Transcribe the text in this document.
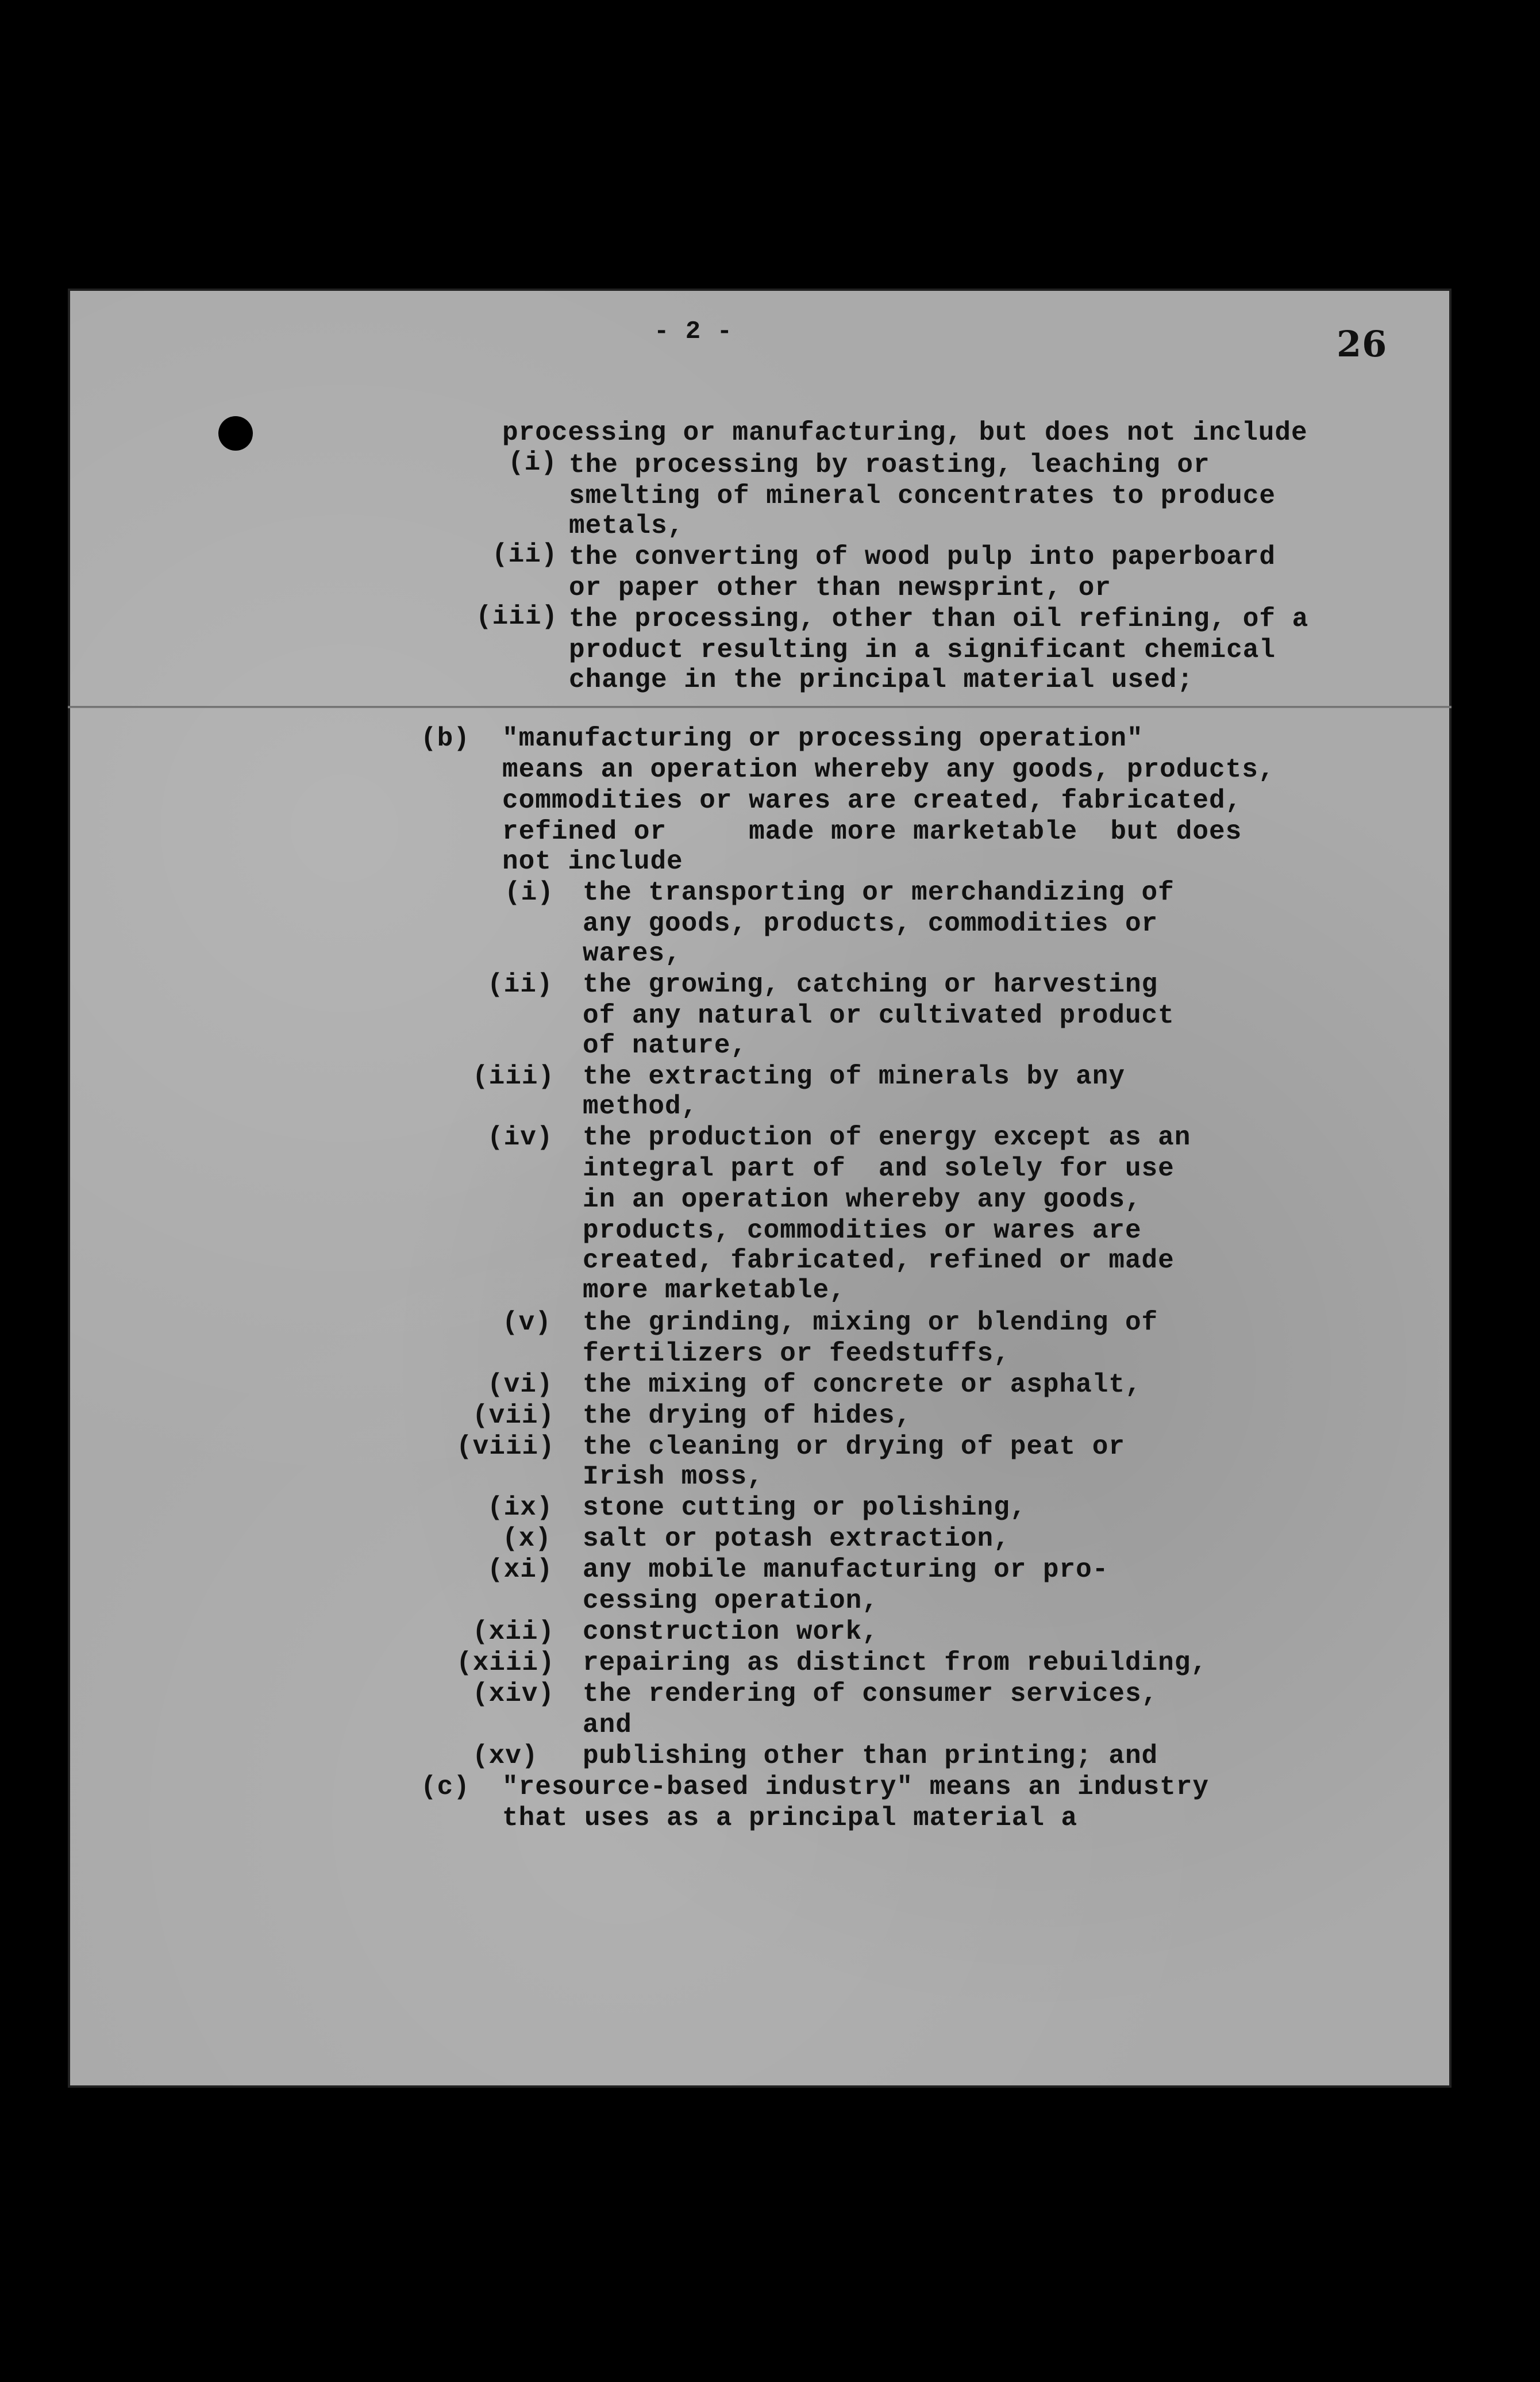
- 2 -	26

processing or manufacturing, but does not include

(i) the processing by roasting, leaching or

smelting of mineral concentrates to produce

metals,

(ii) the converting of wood pulp into paperboard

or paper other than newsprint, or

(iii) the processing, other than oil refining, of a

product resulting in a significant chemical

change in the principal material used;

(b) "manufacturing or processing operation"

means an operation whereby any goods, products,

commodities or wares are created, fabricated,

refined or     made more marketable  but does

not include

(i) the transporting or merchandizing of

any goods, products, commodities or

wares,

(ii) the growing, catching or harvesting

of any natural or cultivated product

of nature,

(iii) the extracting of minerals by any

method,

(iv) the production of energy except as an

integral part of  and solely for use

in an operation whereby any goods,

products, commodities or wares are

created, fabricated, refined or made

more marketable,

(v) the grinding, mixing or blending of

fertilizers or feedstuffs,

(vi) the mixing of concrete or asphalt,

(vii) the drying of hides,

(viii) the cleaning or drying of peat or

Irish moss,

(ix) stone cutting or polishing,

(x) salt or potash extraction,

(xi) any mobile manufacturing or pro-

cessing operation,

(xii) construction work,

(xiii) repairing as distinct from rebuilding,

(xiv) the rendering of consumer services,

and

(xv) publishing other than printing; and

(c) "resource-based industry" means an industry

that uses as a principal material a
